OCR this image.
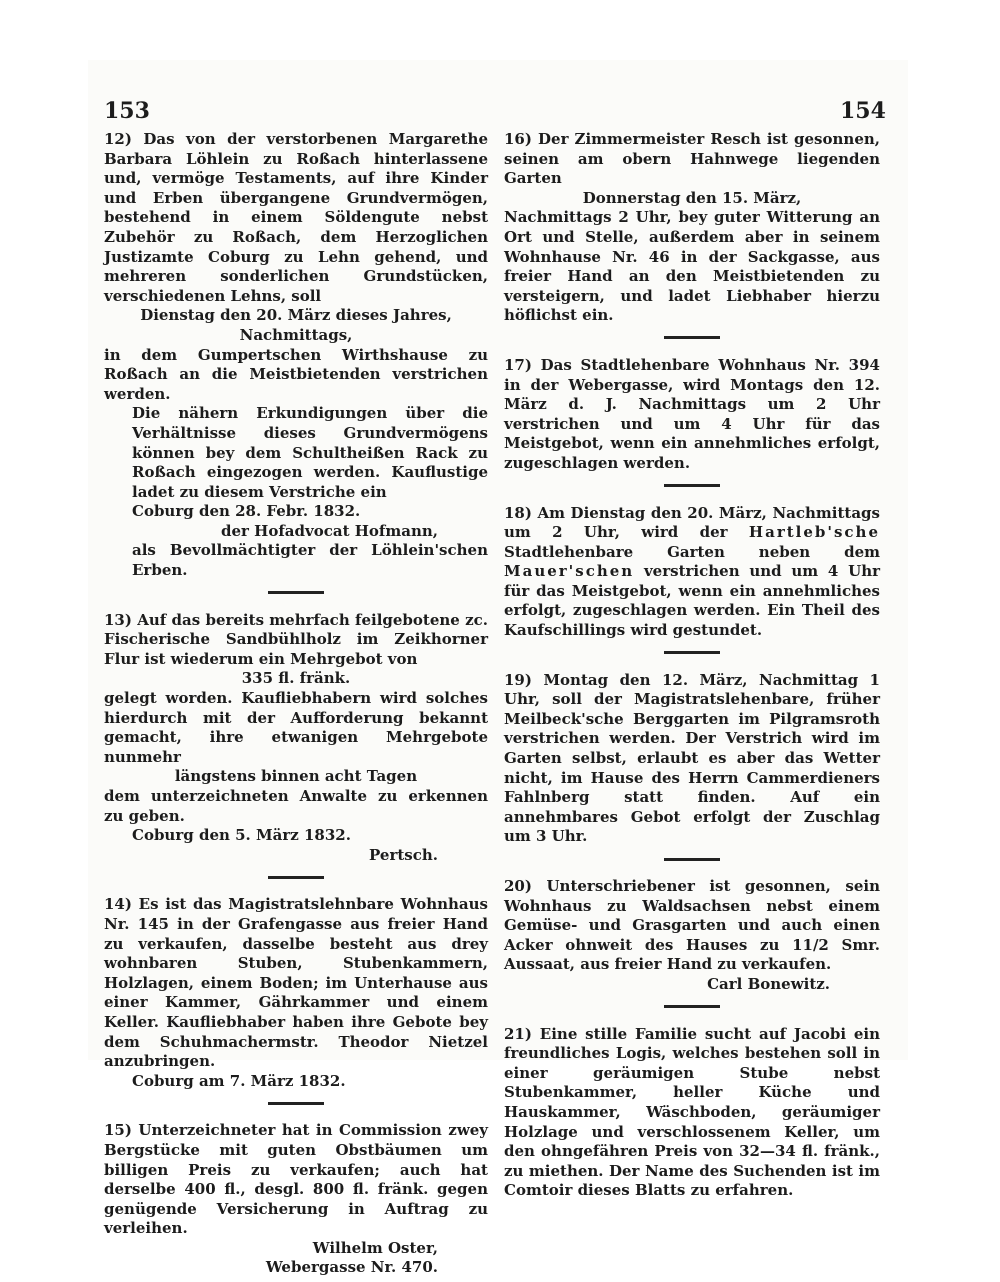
153	154

12) Das von der verstorbenen Margarethe Barbara Löhlein zu Roßach hinterlassene und, vermöge Testaments, auf ihre Kinder und Erben übergangene Grundvermögen, bestehend in einem Söldengute nebst Zubehör zu Roßach, dem Herzoglichen Justizamte Coburg zu Lehn gehend, und mehreren sonderlichen Grundstücken, verschiedenen Lehns, soll

Dienstag den 20. März dieses Jahres,

Nachmittags,

in dem Gumpertschen Wirthshause zu Roßach an die Meistbietenden verstrichen werden.

Die nähern Erkundigungen über die Verhältnisse dieses Grundvermögens können bey dem Schultheißen Rack zu Roßach eingezogen werden. Kauflustige ladet zu diesem Verstriche ein

Coburg den 28. Febr. 1832.

der Hofadvocat Hofmann,

als Bevollmächtigter der Löhlein'schen Erben.

13) Auf das bereits mehrfach feilgebotene zc. Fischerische Sandbühlholz im Zeikhorner Flur ist wiederum ein Mehrgebot von

335 fl. fränk.

gelegt worden. Kaufliebhabern wird solches hierdurch mit der Aufforderung bekannt gemacht, ihre etwanigen Mehrgebote nunmehr

längstens binnen acht Tagen

dem unterzeichneten Anwalte zu erkennen zu geben.

Coburg den 5. März 1832.

Pertsch.

14) Es ist das Magistratslehnbare Wohnhaus Nr. 145 in der Grafengasse aus freier Hand zu verkaufen, dasselbe besteht aus drey wohnbaren Stuben, Stubenkammern, Holzlagen, einem Boden; im Unterhause aus einer Kammer, Gährkammer und einem Keller. Kaufliebhaber haben ihre Gebote bey dem Schuhmachermstr. Theodor Nietzel anzubringen.

Coburg am 7. März 1832.

15) Unterzeichneter hat in Commission zwey Bergstücke mit guten Obstbäumen um billigen Preis zu verkaufen; auch hat derselbe 400 fl., desgl. 800 fl. fränk. gegen genügende Versicherung in Auftrag zu verleihen.

Wilhelm Oster,

Webergasse Nr. 470.

16) Der Zimmermeister Resch ist gesonnen, seinen am obern Hahnwege liegenden Garten

Donnerstag den 15. März,

Nachmittags 2 Uhr, bey guter Witterung an Ort und Stelle, außerdem aber in seinem Wohnhause Nr. 46 in der Sackgasse, aus freier Hand an den Meistbietenden zu versteigern, und ladet Liebhaber hierzu höflichst ein.

17) Das Stadtlehenbare Wohnhaus Nr. 394 in der Webergasse, wird Montags den 12. März d. J. Nachmittags um 2 Uhr verstrichen und um 4 Uhr für das Meistgebot, wenn ein annehmliches erfolgt, zugeschlagen werden.

18) Am Dienstag den 20. März, Nachmittags um 2 Uhr, wird der Hartleb'sche Stadtlehenbare Garten neben dem Mauer'schen verstrichen und um 4 Uhr für das Meistgebot, wenn ein annehmliches erfolgt, zugeschlagen werden. Ein Theil des Kaufschillings wird gestundet.

19) Montag den 12. März, Nachmittag 1 Uhr, soll der Magistratslehenbare, früher Meilbeck'sche Berggarten im Pilgramsroth verstrichen werden. Der Verstrich wird im Garten selbst, erlaubt es aber das Wetter nicht, im Hause des Herrn Cammerdieners Fahlnberg statt finden. Auf ein annehmbares Gebot erfolgt der Zuschlag um 3 Uhr.

20) Unterschriebener ist gesonnen, sein Wohnhaus zu Waldsachsen nebst einem Gemüse- und Grasgarten und auch einen Acker ohnweit des Hauses zu 11/2 Smr. Aussaat, aus freier Hand zu verkaufen.

Carl Bonewitz.

21) Eine stille Familie sucht auf Jacobi ein freundliches Logis, welches bestehen soll in einer geräumigen Stube nebst Stubenkammer, heller Küche und Hauskammer, Wäschboden, geräumiger Holzlage und verschlossenem Keller, um den ohngefähren Preis von 32—34 fl. fränk., zu miethen. Der Name des Suchenden ist im Comtoir dieses Blatts zu erfahren.
